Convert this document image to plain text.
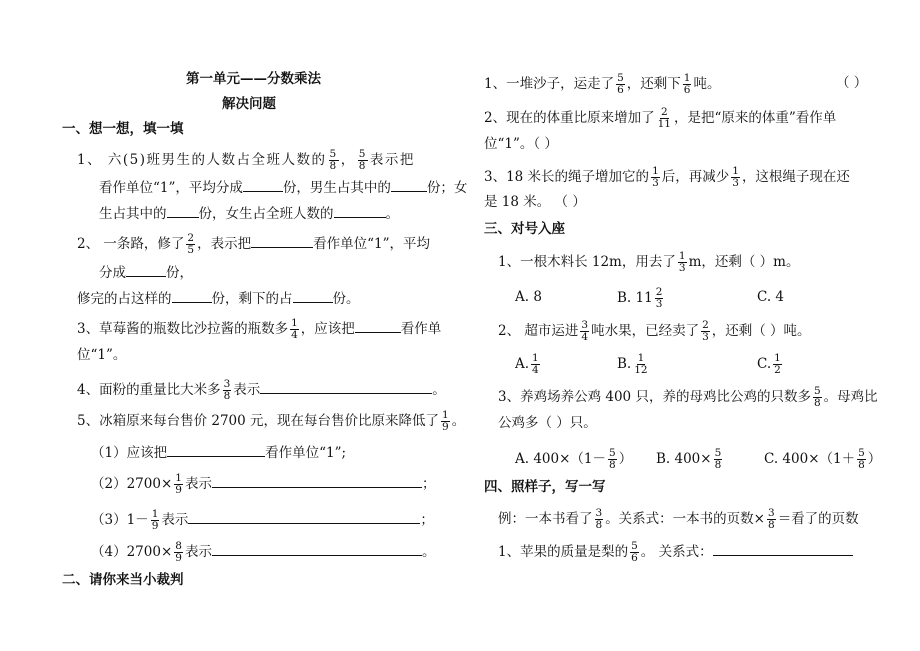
第一单元——分数乘法
解决问题
一、想一想，填一填
1、 六(5)班男生的人数占全班人数的 $\frac{5}{8}$ ， $\frac{5}{8}$ 表示把
看作单位“1”，平均分成	份，男生占其中的	份；女
生占其中的 份，女生占全班人数的	。
2、 一条路，修了 $\frac{2}{5}$ ，表示把	看作单位“1”，平均
分成	份，
修完的占这样的	份，剩下的占	份。
3、草莓酱的瓶数比沙拉酱的瓶数多 $\frac{1}{4}$ ，应该把	看作单
位“1”。
4、面粉的重量比大米多 $\frac{3}{8}$ 表示	。
5、冰箱原来每台售价 2700 元，现在每台售价比原来降低了 $\frac{1}{9}$ 。
（1）应该把	看作单位“1”;
$(2)2700\times \frac{1}{9}$ 表示	；
$(3)1- \frac{1}{9}$ 表示	；
$(4)2700\times \frac{8}{9}$ 表示	。
二、请你来当小裁判
1、一堆沙子，运走了 $\frac{5}{6}$ ，还剩下 $\frac{1}{6}$ 吨。	（ ）
2、现在的体重比原来增加了 $\frac{2}{11}$ ，是把“原来的体重”看作单
位“1”。（ ）
3、18 米长的绳子增加它的 $\frac{1}{3}$ 后，再减少 $\frac{1}{3}$ ，这根绳子现在还
是 18 米。 （ ）
三、对号入座
1、一根木料长 12m，用去了 $\frac{1}{3}$ m，还剩（ ）m。
A. 8	B. $11 \frac{2}{3}$	C. 4
2、 超市运进 $\frac{3}{4}$ 吨水果，已经卖了 $\frac{2}{3}$ ，还剩（ ）吨。
A. $\frac{1}{4}$	B. $\frac{1}{12}$	C. $\frac{1}{2}$
3、养鸡场养公鸡 400 只，养的母鸡比公鸡的只数多 $\frac{5}{8}$ 。母鸡比
公鸡多（ ）只。
A. $400\times(1- \frac{5}{8}$ ） B. $400\times \frac{5}{8}$	C. $400\times(1+ \frac{5}{8}$ ）
四、照样子，写一写
例：一本书看了 $\frac{3}{8}$ 。关系式：一本书的页数× $\frac{3}{8}$ ＝看了的页数
1、苹果的质量是梨的 $\frac{5}{6}$ 。 关系式：
